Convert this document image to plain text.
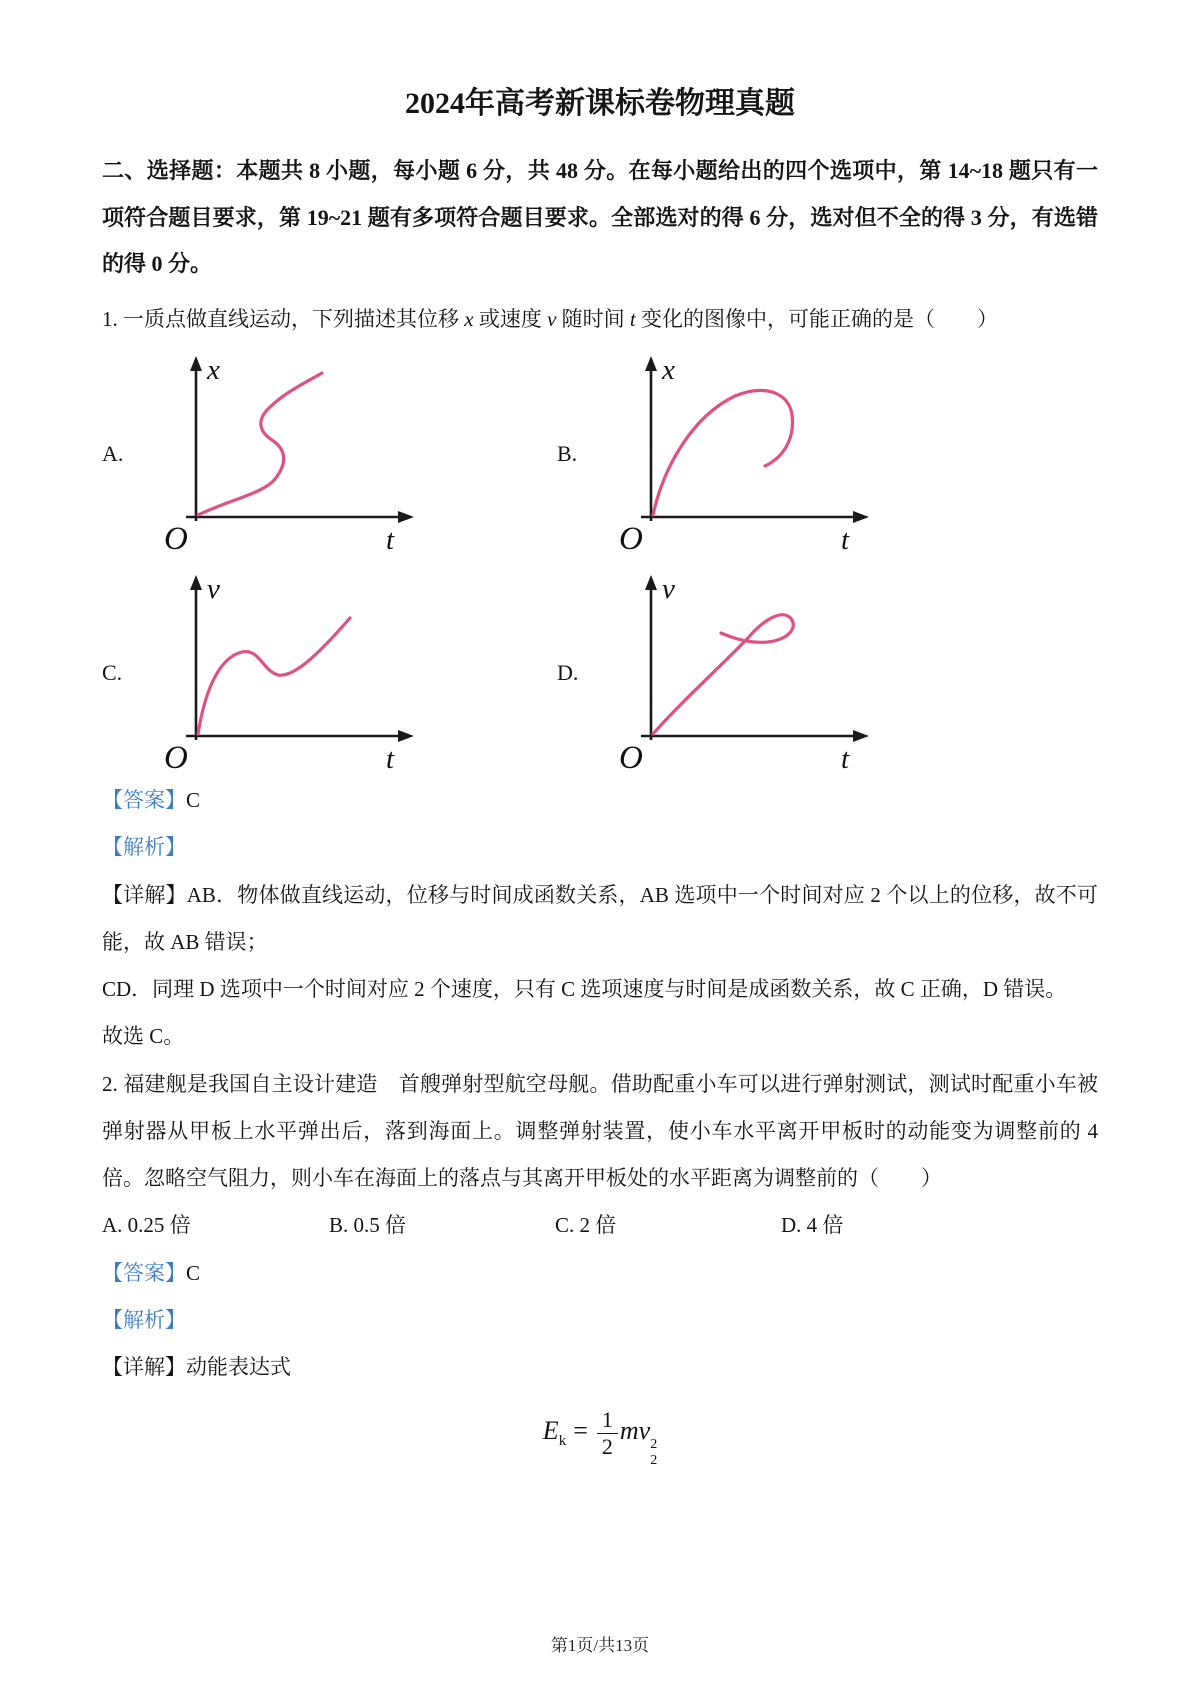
2024年高考新课标卷物理真题

二、选择题：本题共 8 小题，每小题 6 分，共 48 分。在每小题给出的四个选项中，第 14~18 题只有一项符合题目要求，第 19~21 题有多项符合题目要求。全部选对的得 6 分，选对但不全的得 3 分，有选错的得 0 分。

1. 一质点做直线运动，下列描述其位移 x 或速度 v 随时间 t 变化的图像中，可能正确的是（　　）

A.
x
O	t
B.
x
O	t
C.
v
O	t
D.
v
O	t

【答案】C

【解析】

【详解】AB．物体做直线运动，位移与时间成函数关系，AB 选项中一个时间对应 2 个以上的位移，故不可能，故 AB 错误；

CD．同理 D 选项中一个时间对应 2 个速度，只有 C 选项速度与时间是成函数关系，故 C 正确，D 错误。

故选 C。

2. 福建舰是我国自主设计建造　首艘弹射型航空母舰。借助配重小车可以进行弹射测试，测试时配重小车被弹射器从甲板上水平弹出后，落到海面上。调整弹射装置，使小车水平离开甲板时的动能变为调整前的 4 倍。忽略空气阻力，则小车在海面上的落点与其离开甲板处的水平距离为调整前的（　　）

A. 0.25 倍	B. 0.5 倍	C. 2 倍	D. 4 倍

【答案】C

【解析】

【详解】动能表达式

$E_k = \frac{1}{2}$ mv 2
2
第1页/共13页
